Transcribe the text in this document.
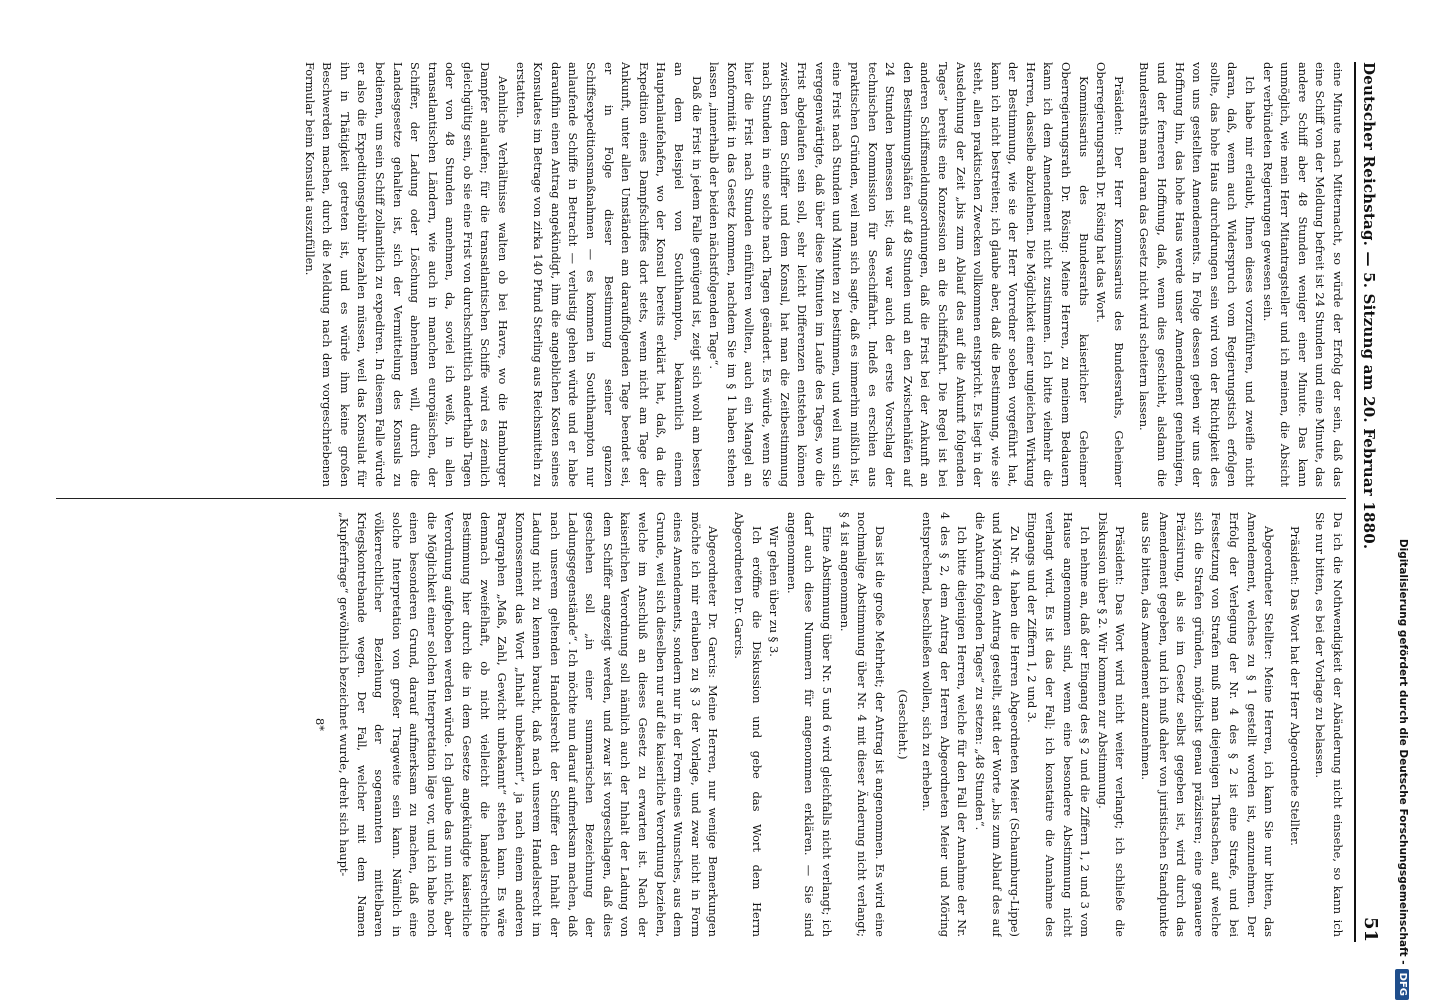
Deutscher Reichstag. — 5. Sitzung am 20. Februar 1880.
51

eine Minute nach Mitternacht, so würde der Erfolg der sein, daß das eine Schiff von der Meldung befreit ist 24 Stunden und eine Minute, das andere Schiff aber 48 Stunden weniger einer Minute. Das kann unmöglich, wie mein Herr Mitantragsteller und ich meinen, die Absicht der verbündeten Regierungen gewesen sein.

Ich habe mir erlaubt, Ihnen dieses vorzuführen, und zweifle nicht daran, daß, wenn auch Widerspruch vom Regierungstisch erfolgen sollte, das hohe Haus durchdrungen sein wird von der Richtigkeit des von uns gestellten Amendements. In Folge dessen geben wir uns der Hoffnung hin, das hohe Haus werde unser Amendement genehmigen, und der ferneren Hoffnung, daß, wenn dies geschieht, alsdann die Bundesraths man daran das Gesetz nicht wird scheitern lassen.

Präsident: Der Herr Kommissarius des Bundesraths, Geheimer Oberregierungsrath Dr. Rösing hat das Wort.

Kommissarius des Bundesraths kaiserlicher Geheimer Oberregierungsrath Dr. Rösing: Meine Herren, zu meinem Bedauern kann ich dem Amendement nicht zustimmen. Ich bitte vielmehr die Herren, dasselbe abzulehnen. Die Möglichkeit einer ungleichen Wirkung der Bestimmung, wie sie der Herr Vorredner soeben vorgeführt hat, kann ich nicht bestreiten; ich glaube aber, daß die Bestimmung, wie sie steht, allen praktischen Zwecken vollkommen entspricht. Es liegt in der Ausdehnung der Zeit „bis zum Ablauf des auf die Ankunft folgenden Tages“ bereits eine Konzession an die Schiffsfahrt. Die Regel ist bei anderen Schiffsmeldungsordnungen, daß die Frist bei der Ankunft an den Bestimmungshäfen auf 48 Stunden und an den Zwischenhäfen auf 24 Stunden bemessen ist; das war auch der erste Vorschlag der technischen Kommission für Seeschiffahrt. Indeß es erschien aus praktischen Gründen, weil man sich sagte, daß es immerhin mißlich ist, eine Frist nach Stunden und Minuten zu bestimmen, und weil nun sich vergegenwärtigte, daß über diese Minuten im Laufe des Tages, wo die Frist abgelaufen sein soll, sehr leicht Differenzen entstehen können zwischen dem Schiffer und dem Konsul, hat man die Zeitbestimmung nach Stunden in eine solche nach Tagen geändert. Es würde, wenn Sie hier die Frist nach Stunden einführen wollten, auch ein Mangel an Konformität in das Gesetz kommen, nachdem Sie im § 1 haben stehen lassen „innerhalb der beiden nächstfolgenden Tage“.

Daß die Frist in jedem Falle genügend ist, zeigt sich wohl am besten an dem Beispiel von Southhampton, bekanntlich einem Hauptanlaufehafen, wo der Konsul bereits erklärt hat, daß, da die Expedition eines Dampfschiffes dort stets, wenn nicht am Tage der Ankunft, unter allen Umständen am darauffolgenden Tage beendet sei, er in Folge dieser Bestimmung seiner ganzen Schiffsexpeditionsmaßnahmen — es kommen in Southhampton nur anlaufende Schiffe in Betracht — verlustig gehen würde und er habe daraufhin einen Antrag angekündigt, ihm die angeblichen Kosten seines Konsulates im Betrage von zirka 140 Pfund Sterling aus Reichsmitteln zu erstatten.

Aehnliche Verhältnisse walten ob bei Havre, wo die Hamburger Dampfer anlaufen; für die transatlantischen Schiffe wird es ziemlich gleichgültig sein, ob sie eine Frist von durchschnittlich anderthalb Tagen oder von 48 Stunden annehmen, da, soviel ich weiß, in allen transatlantischen Ländern, wie auch in manchen europäischen, der Schiffer, der Ladung oder Löschung abnehmen will, durch die Landesgesetze gehalten ist, sich der Vermittelung des Konsuls zu bedienen, um sein Schiff zollamtlich zu expediren. In diesem Falle würde er also die Expeditionsgebühr bezahlen müssen, weil das Konsulat für ihn in Thätigkeit getreten ist, und es würde ihm keine großen Beschwerden machen, durch die Meldung nach dem vorgeschriebenen Formular beim Konsulat auszufüllen.

Da ich die Nothwendigkeit der Abänderung nicht einsehe, so kann ich Sie nur bitten, es bei der Vorlage zu belassen.

Präsident: Das Wort hat der Herr Abgeordnete Stellter.

Abgeordneter Stellter: Meine Herren, ich kann Sie nur bitten, das Amendement, welches zu § 1 gestellt worden ist, anzunehmen. Der Erfolg der Verlegung der Nr. 4 des § 2 ist eine Strafe, und bei Festsetzung von Strafen muß man diejenigen Thatsachen, auf welche sich die Strafen gründen, möglichst genau präzisiren; eine genauere Präzisirung, als sie im Gesetz selbst gegeben ist, wird durch das Amendement gegeben, und ich muß daher von juristischen Standpunkte aus Sie bitten, das Amendement anzunehmen.

Präsident: Das Wort wird nicht weiter verlangt; ich schließe die Diskussion über § 2. Wir kommen zur Abstimmung.

Ich nehme an, daß der Eingang des § 2 und die Ziffern 1, 2 und 3 vom Hause angenommen sind, wenn eine besondere Abstimmung nicht verlangt wird. Es ist das der Fall; ich konstatire die Annahme des Eingangs und der Ziffern 1, 2 und 3.

Zu Nr. 4 haben die Herren Abgeordneten Meier (Schaumburg-Lippe) und Möring den Antrag gestellt, statt der Worte „bis zum Ablauf des auf die Ankunft folgenden Tages“ zu setzen: „48 Stunden“.

Ich bitte diejenigen Herren, welche für den Fall der Annahme der Nr. 4 des § 2, dem Antrag der Herren Abgeordneten Meier und Möring entsprechend, beschließen wollen, sich zu erheben.

(Geschieht.)

Das ist die große Mehrheit; der Antrag ist angenommen. Es wird eine nochmalige Abstimmung über Nr. 4 mit dieser Änderung nicht verlangt; § 4 ist angenommen.

Eine Abstimmung über Nr. 5 und 6 wird gleichfalls nicht verlangt; ich darf auch diese Nummern für angenommen erklären. — Sie sind angenommen.

Wir gehen über zu § 3.

Ich eröffne die Diskussion und gebe das Wort dem Herrn Abgeordneten Dr. Garcis.

Abgeordneter Dr. Garcis: Meine Herren, nur wenige Bemerkungen möchte ich mir erlauben zu § 3 der Vorlage, und zwar nicht in Form eines Amendements, sondern nur in der Form eines Wunsches, aus dem Grunde, weil sich dieselben nur auf die kaiserliche Verordnung beziehen, welche im Anschluß an dieses Gesetz zu erwarten ist. Nach der kaiserlichen Verordnung soll nämlich auch der Inhalt der Ladung von dem Schiffer angezeigt werden, und zwar ist vorgeschlagen, daß dies geschehen soll „in einer summarischen Bezeichnung der Ladungsgegenstände“. Ich möchte nun darauf aufmerksam machen, daß nach unserem geltenden Handelsrecht der Schiffer den Inhalt der Ladung nicht zu kennen braucht, daß nach unserem Handelsrecht im Konnossement das Wort „Inhalt unbekannt“, ja nach einem anderen Paragraphen „Maß, Zahl, Gewicht unbekannt“ stehen kann. Es wäre demnach zweifelhaft, ob nicht vielleicht die handelsrechtliche Bestimmung hier durch die in dem Gesetze angekündigte kaiserliche Verordnung aufgehoben werden würde. Ich glaube das nun nicht, aber die Möglichkeit einer solchen Interpretation läge vor, und ich habe noch einen besonderen Grund, darauf aufmerksam zu machen, daß eine solche Interpretation von großer Tragweite sein kann. Nämlich in völkerrechtlicher Beziehung der sogenannten mittelbaren Kriegskontrebande wegen. Der Fall, welcher mit dem Namen „Kupferfrage“ gewöhnlich bezeichnet wurde, dreht sich haupt-

8*	Digitalisierung gefördert durch die Deutsche Forschungsgemeinschaft -DFG
